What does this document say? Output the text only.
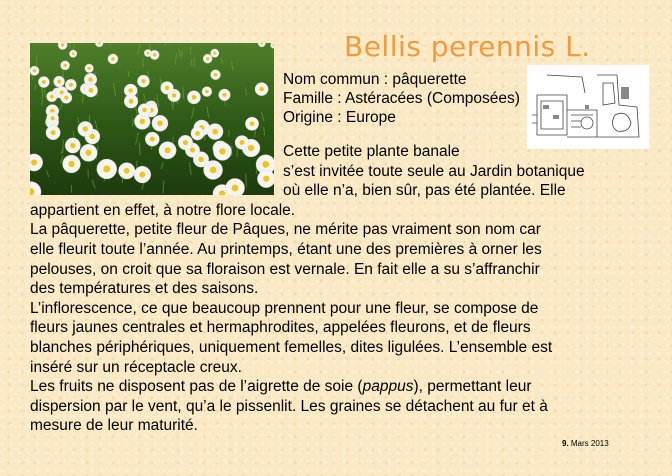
Bellis perennis L.
Nom commun : pâquerette
Famille : Astéracées (Composées)
Origine : Europe
Cette petite plante banale
s’est invitée toute seule au Jardin botanique
où elle n’a, bien sûr, pas été plantée. Elle
appartient en effet, à notre flore locale.
La pâquerette, petite fleur de Pâques, ne mérite pas vraiment son nom car
elle fleurit toute l’année. Au printemps, étant une des premières à orner les
pelouses, on croit que sa floraison est vernale. En fait elle a su s’affranchir
des températures et des saisons.
L’inflorescence, ce que beaucoup prennent pour une fleur, se compose de
fleurs jaunes centrales et hermaphrodites, appelées fleurons, et de fleurs
blanches périphériques, uniquement femelles, dites ligulées. L’ensemble est
inséré sur un réceptacle creux.
Les fruits ne disposent pas de l’aigrette de soie (pappus), permettant leur
dispersion par le vent, qu’a le pissenlit. Les graines se détachent au fur et à
mesure de leur maturité.
9. Mars 2013
